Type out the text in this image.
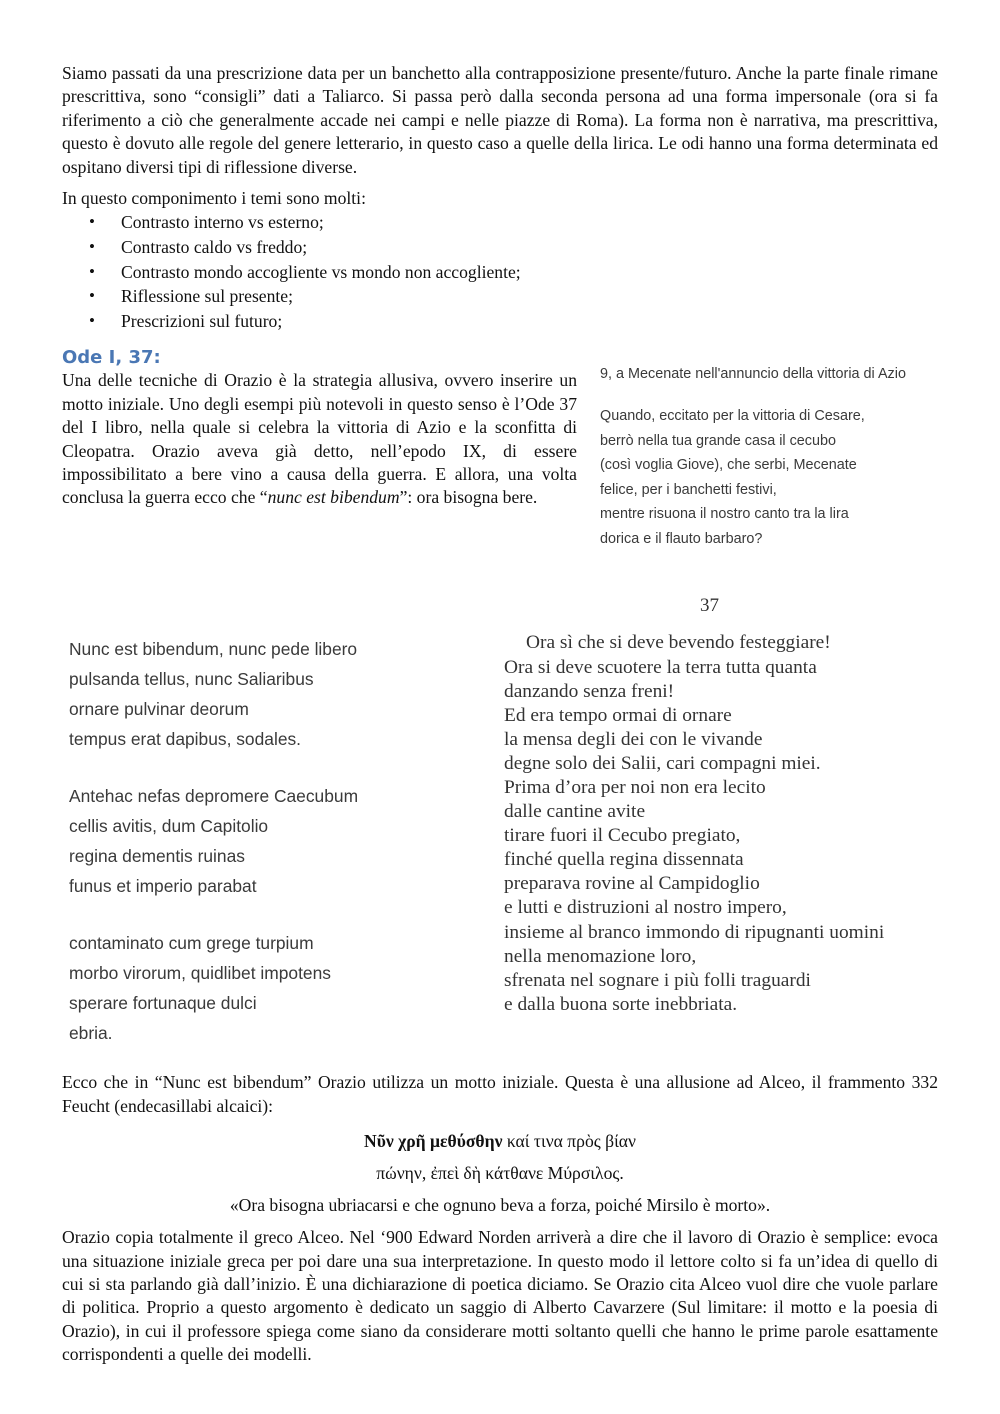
Siamo passati da una prescrizione data per un banchetto alla contrapposizione presente/futuro. Anche la parte finale rimane prescrittiva, sono “consigli” dati a Taliarco. Si passa però dalla seconda persona ad una forma impersonale (ora si fa riferimento a ciò che generalmente accade nei campi e nelle piazze di Roma). La forma non è narrativa, ma prescrittiva, questo è dovuto alle regole del genere letterario, in questo caso a quelle della lirica. Le odi hanno una forma determinata ed ospitano diversi tipi di riflessione diverse.

In questo componimento i temi sono molti:

• Contrasto interno vs esterno;
• Contrasto caldo vs freddo;
• Contrasto mondo accogliente vs mondo non accogliente;
• Riflessione sul presente;
• Prescrizioni sul futuro;
Ode I, 37:

Una delle tecniche di Orazio è la strategia allusiva, ovvero inserire un motto iniziale. Uno degli esempi più notevoli in questo senso è l’Ode 37 del I libro, nella quale si celebra la vittoria di Azio e la sconfitta di Cleopatra. Orazio aveva già detto, nell’epodo IX, di essere impossibilitato a bere vino a causa della guerra. E allora, una volta conclusa la guerra ecco che “nunc est bibendum”: ora bisogna bere.

9, a Mecenate nell'annuncio della vittoria di Azio
Quando, eccitato per la vittoria di Cesare,
berrò nella tua grande casa il cecubo
(così voglia Giove), che serbi, Mecenate
felice, per i banchetti festivi,
mentre risuona il nostro canto tra la lira
dorica e il flauto barbaro?
37
Nunc est bibendum, nunc pede libero
pulsanda tellus, nunc Saliaribus
ornare pulvinar deorum
tempus erat dapibus, sodales.
Antehac nefas depromere Caecubum
cellis avitis, dum Capitolio
regina dementis ruinas
funus et imperio parabat
contaminato cum grege turpium
morbo virorum, quidlibet impotens
sperare fortunaque dulci
ebria.
Ora sì che si deve bevendo festeggiare!
Ora si deve scuotere la terra tutta quanta
danzando senza freni!
Ed era tempo ormai di ornare
la mensa degli dei con le vivande
degne solo dei Salii, cari compagni miei.
Prima d’ora per noi non era lecito
dalle cantine avite
tirare fuori il Cecubo pregiato,
finché quella regina dissennata
preparava rovine al Campidoglio
e lutti e distruzioni al nostro impero,
insieme al branco immondo di ripugnanti uomini
nella menomazione loro,
sfrenata nel sognare i più folli traguardi
e dalla buona sorte inebbriata.

Ecco che in “Nunc est bibendum” Orazio utilizza un motto iniziale. Questa è una allusione ad Alceo, il frammento 332 Feucht (endecasillabi alcaici):

Νῦν χρῆ μεθύσθην καί τινα πρὸς βίαν
πώνην, ἐπεὶ δὴ κάτθανε Μύρσιλος.
«Ora bisogna ubriacarsi e che ognuno beva a forza, poiché Mirsilo è morto».

Orazio copia totalmente il greco Alceo. Nel ‘900 Edward Norden arriverà a dire che il lavoro di Orazio è semplice: evoca una situazione iniziale greca per poi dare una sua interpretazione. In questo modo il lettore colto si fa un’idea di quello di cui si sta parlando già dall’inizio. È una dichiarazione di poetica diciamo. Se Orazio cita Alceo vuol dire che vuole parlare di politica. Proprio a questo argomento è dedicato un saggio di Alberto Cavarzere (Sul limitare: il motto e la poesia di Orazio), in cui il professore spiega come siano da considerare motti soltanto quelli che hanno le prime parole esattamente corrispondenti a quelle dei modelli.
